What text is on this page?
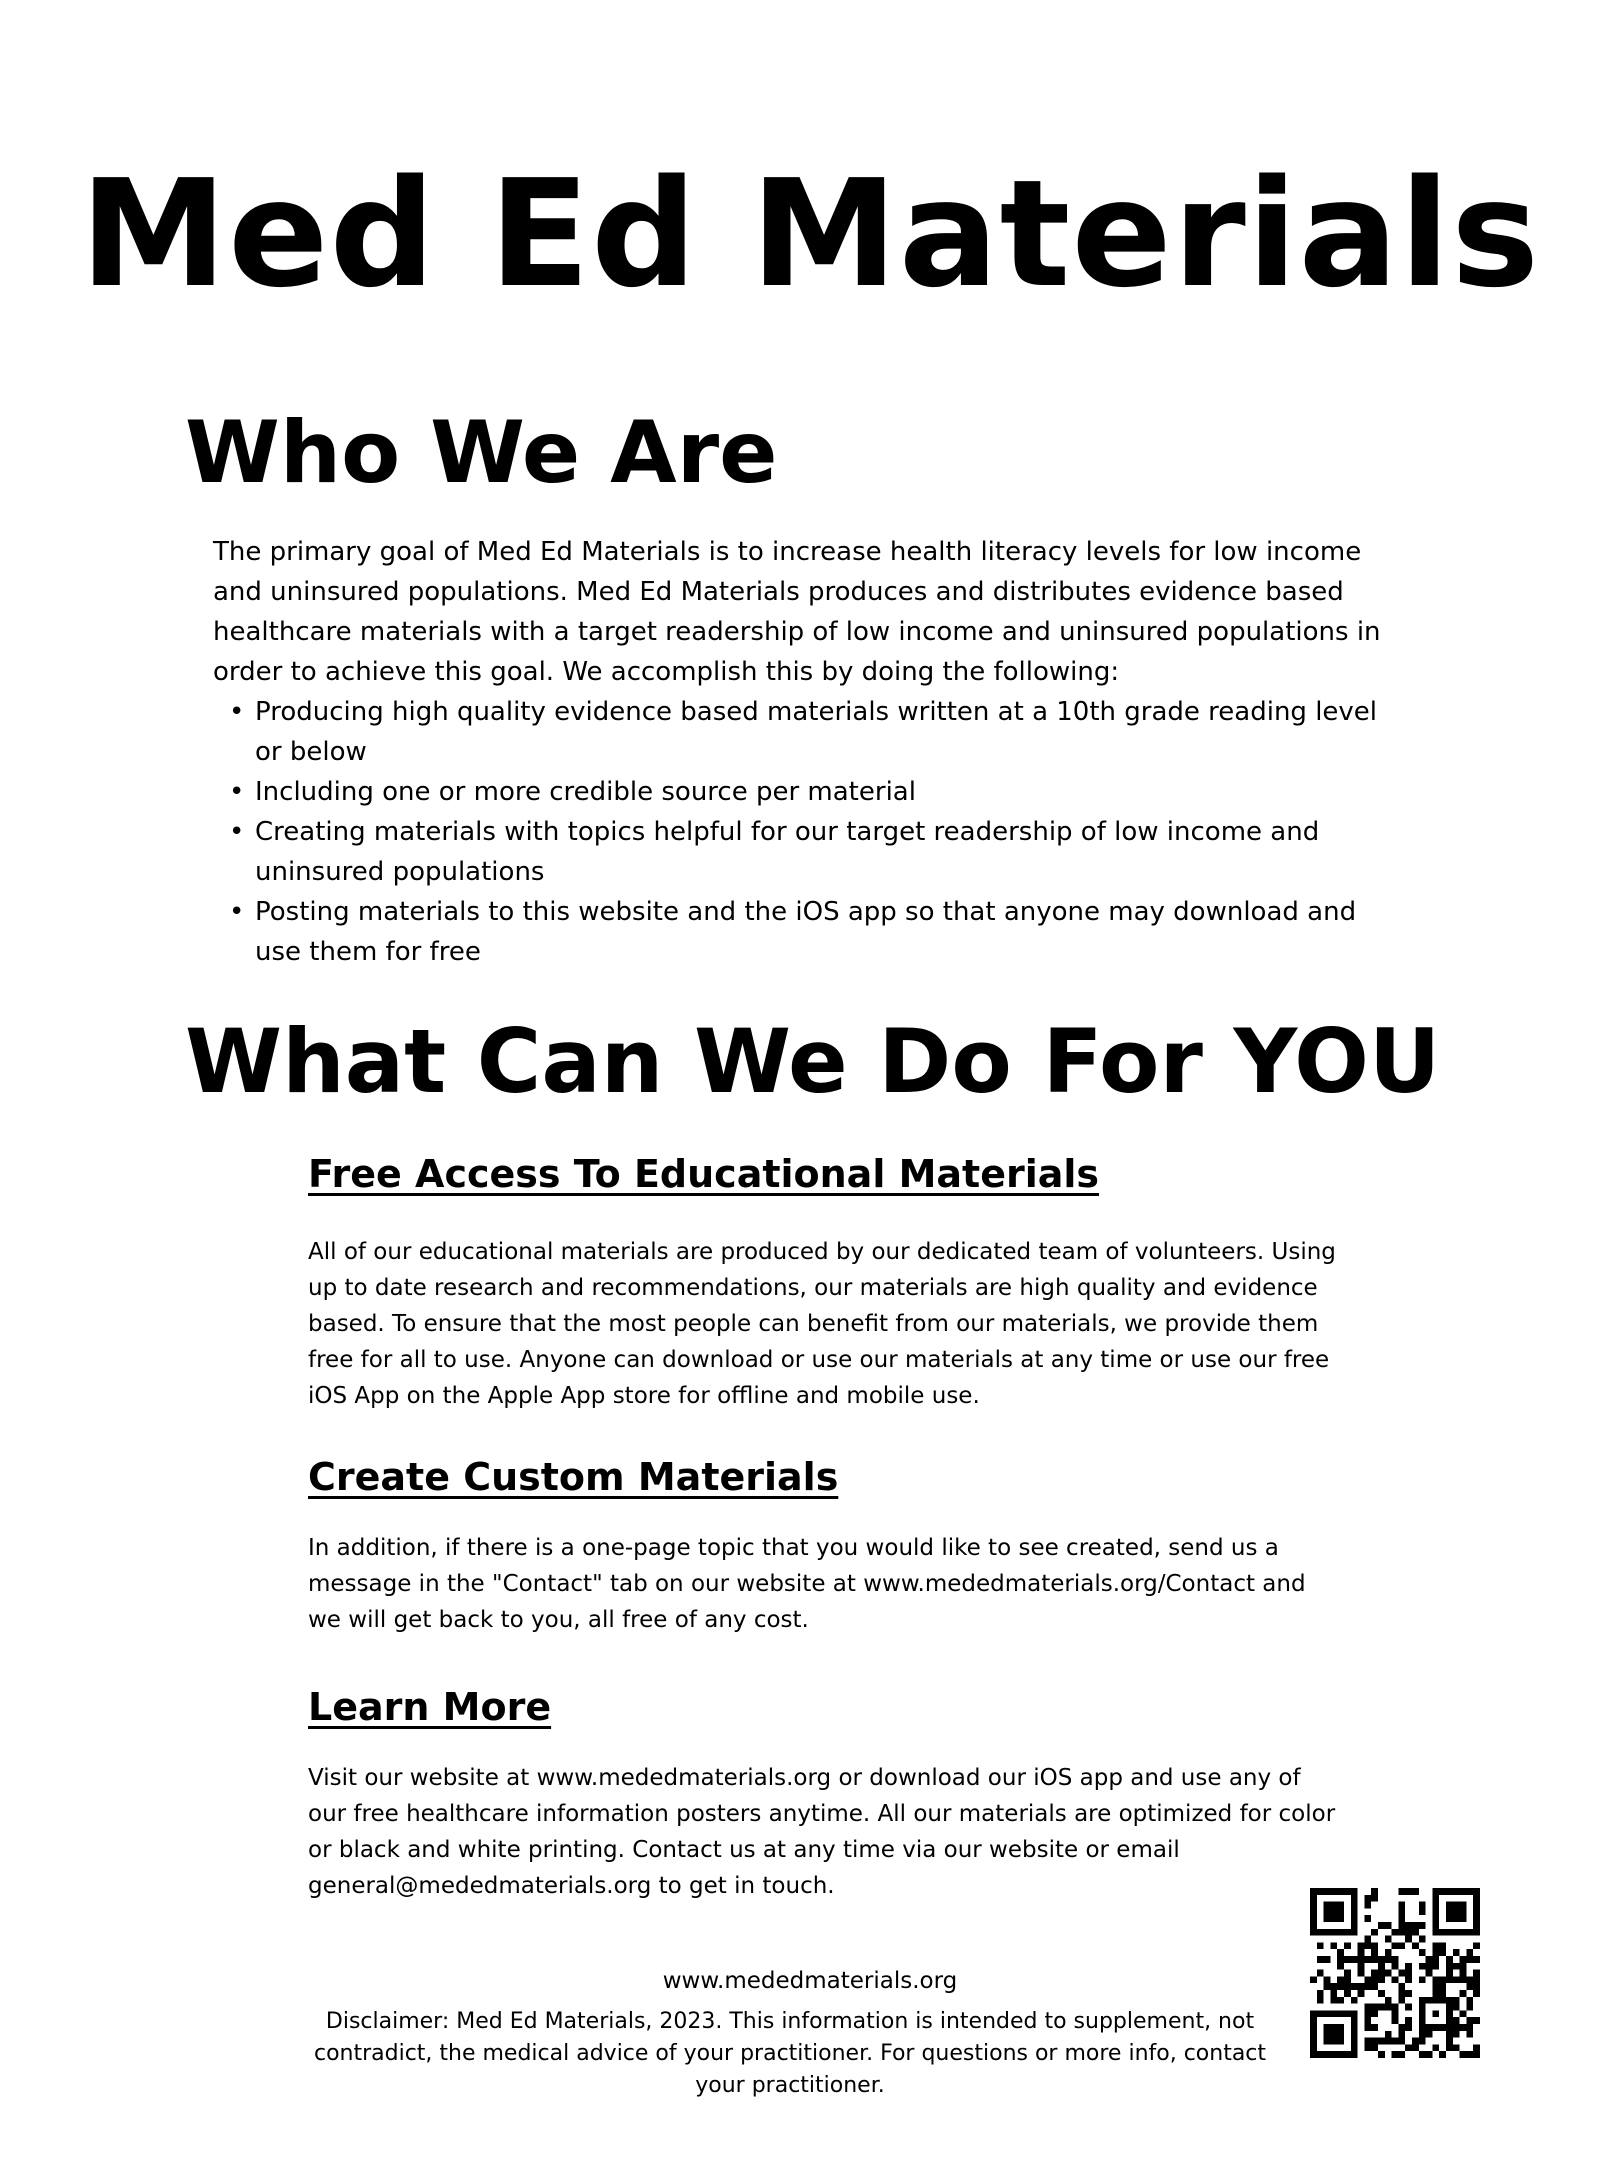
Med Ed Materials
Who We Are

The primary goal of Med Ed Materials is to increase health literacy levels for low income and uninsured populations. Med Ed Materials produces and distributes evidence based healthcare materials with a target readership of low income and uninsured populations in order to achieve this goal. We accomplish this by doing the following:

• Producing high quality evidence based materials written at a 10th grade reading level or below
• Including one or more credible source per material
• Creating materials with topics helpful for our target readership of low income and uninsured populations
• Posting materials to this website and the iOS app so that anyone may download and use them for free
What Can We Do For YOU
Free Access To Educational Materials

All of our educational materials are produced by our dedicated team of volunteers. Using up to date research and recommendations, our materials are high quality and evidence based. To ensure that the most people can benefit from our materials, we provide them free for all to use. Anyone can download or use our materials at any time or use our free iOS App on the Apple App store for offline and mobile use.

Create Custom Materials

In addition, if there is a one-page topic that you would like to see created, send us a message in the "Contact" tab on our website at www.mededmaterials.org/Contact and we will get back to you, all free of any cost.

Learn More

Visit our website at www.mededmaterials.org or download our iOS app and use any of our free healthcare information posters anytime. All our materials are optimized for color or black and white printing. Contact us at any time via our website or email general@mededmaterials.org to get in touch.

www.mededmaterials.org

Disclaimer: Med Ed Materials, 2023. This information is intended to supplement, not contradict, the medical advice of your practitioner. For questions or more info, contact your practitioner.
